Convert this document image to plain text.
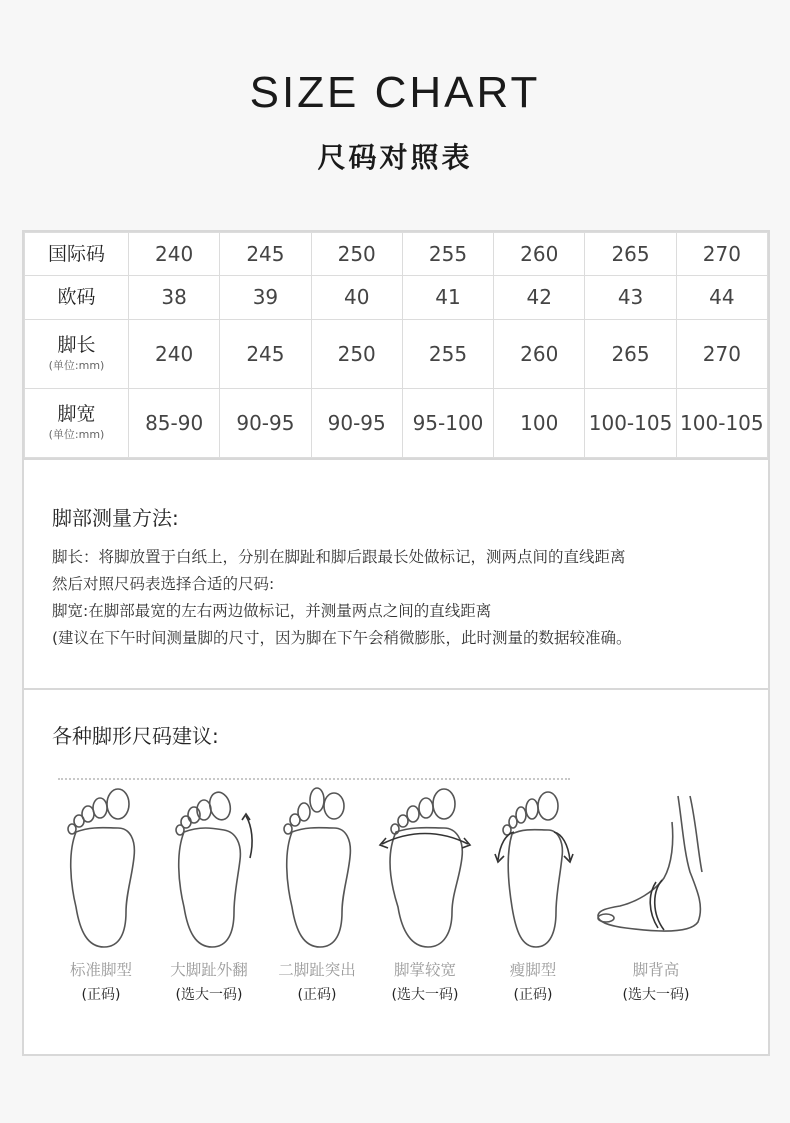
SIZE CHART
尺码对照表
国际码	240	245	250	255	260	265	270

欧码	38	39	40	41	42	43	44

脚长
(单位:mm)	240	245	250	255	260	265	270

脚宽
(单位:mm)	85-90	90-95	90-95	95-100	100	100-105	100-105
脚部测量方法:
脚长：将脚放置于白纸上，分别在脚趾和脚后跟最长处做标记，测两点间的直线距离
然后对照尺码表选择合适的尺码:
脚宽:在脚部最宽的左右两边做标记，并测量两点之间的直线距离
(建议在下午时间测量脚的尺寸，因为脚在下午会稍微膨胀，此时测量的数据较准确。
各种脚形尺码建议:
标准脚型
(正码)
大脚趾外翻
(选大一码)
二脚趾突出
(正码)
脚掌较宽
(选大一码)
瘦脚型
(正码)
脚背高
(选大一码)
